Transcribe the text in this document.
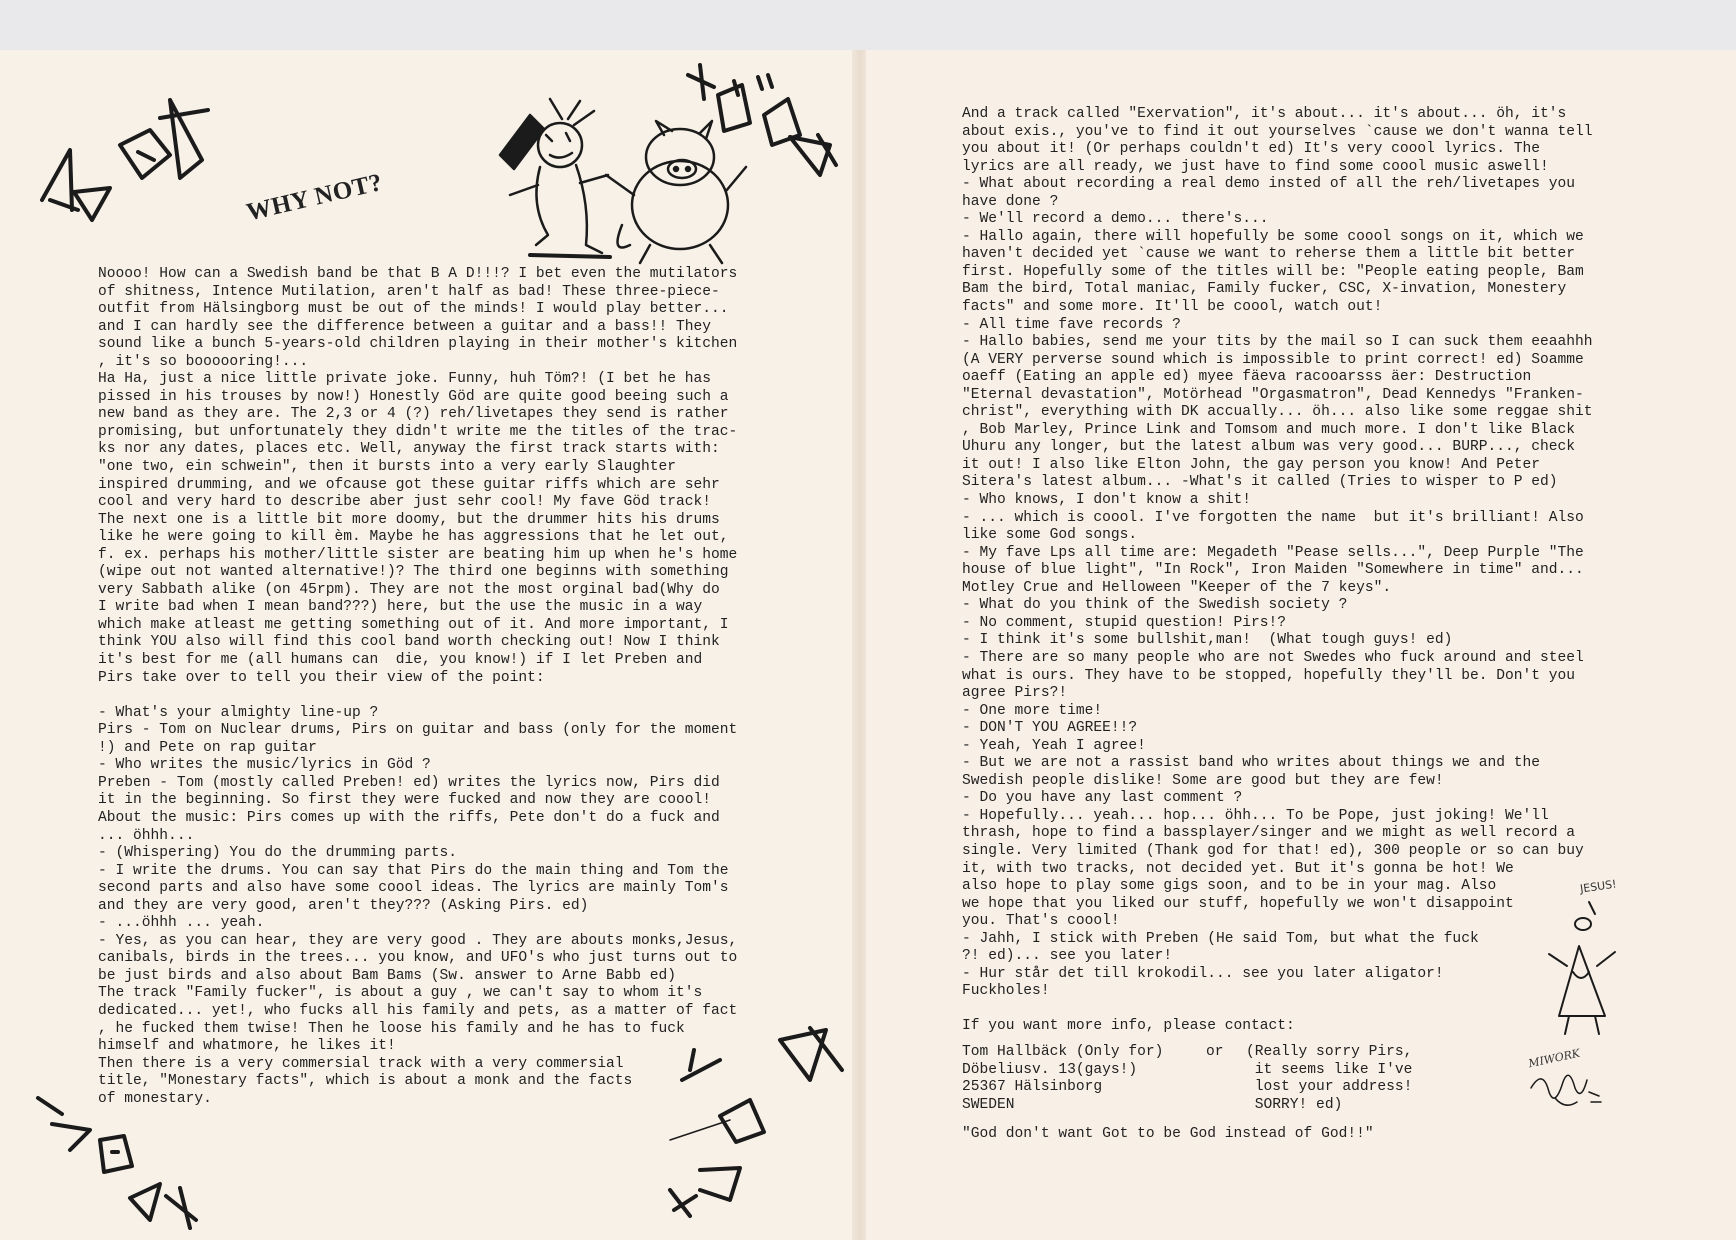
WHY NOT?
Noooo! How can a Swedish band be that B A D!!!? I bet even the mutilators
of shitness, Intence Mutilation, aren't half as bad! These three-piece-
outfit from Hälsingborg must be out of the minds! I would play better...
and I can hardly see the difference between a guitar and a bass!! They
sound like a bunch 5-years-old children playing in their mother's kitchen
, it's so boooooring!...
Ha Ha, just a nice little private joke. Funny, huh Töm?! (I bet he has
pissed in his trouses by now!) Honestly Göd are quite good beeing such a
new band as they are. The 2,3 or 4 (?) reh/livetapes they send is rather
promising, but unfortunately they didn't write me the titles of the trac-
ks nor any dates, places etc. Well, anyway the first track starts with:
"one two, ein schwein", then it bursts into a very early Slaughter
inspired drumming, and we ofcause got these guitar riffs which are sehr
cool and very hard to describe aber just sehr cool! My fave Göd track!
The next one is a little bit more doomy, but the drummer hits his drums
like he were going to kill èm. Maybe he has aggressions that he let out,
f. ex. perhaps his mother/little sister are beating him up when he's home
(wipe out not wanted alternative!)? The third one beginns with something
very Sabbath alike (on 45rpm). They are not the most orginal bad(Why do
I write bad when I mean band???) here, but the use the music in a way
which make atleast me getting something out of it. And more important, I
think YOU also will find this cool band worth checking out! Now I think
it's best for me (all humans can  die, you know!) if I let Preben and
Pirs take over to tell you their view of the point:

- What's your almighty line-up ?
Pirs - Tom on Nuclear drums, Pirs on guitar and bass (only for the moment
!) and Pete on rap guitar
- Who writes the music/lyrics in Göd ?
Preben - Tom (mostly called Preben! ed) writes the lyrics now, Pirs did
it in the beginning. So first they were fucked and now they are coool!
About the music: Pirs comes up with the riffs, Pete don't do a fuck and
... öhhh...
- (Whispering) You do the drumming parts.
- I write the drums. You can say that Pirs do the main thing and Tom the
second parts and also have some coool ideas. The lyrics are mainly Tom's
and they are very good, aren't they??? (Asking Pirs. ed)
- ...öhhh ... yeah.
- Yes, as you can hear, they are very good . They are abouts monks,Jesus,
canibals, birds in the trees... you know, and UFO's who just turns out to
be just birds and also about Bam Bams (Sw. answer to Arne Babb ed)
The track "Family fucker", is about a guy , we can't say to whom it's
dedicated... yet!, who fucks all his family and pets, as a matter of fact
, he fucked them twise! Then he loose his family and he has to fuck
himself and whatmore, he likes it!
Then there is a very commersial track with a very commersial
title, "Monestary facts", which is about a monk and the facts
of monestary.
And a track called "Exervation", it's about... it's about... öh, it's
about exis., you've to find it out yourselves `cause we don't wanna tell
you about it! (Or perhaps couldn't ed) It's very coool lyrics. The
lyrics are all ready, we just have to find some coool music aswell!
- What about recording a real demo insted of all the reh/livetapes you
have done ?
- We'll record a demo... there's...
- Hallo again, there will hopefully be some coool songs on it, which we
haven't decided yet `cause we want to reherse them a little bit better
first. Hopefully some of the titles will be: "People eating people, Bam
Bam the bird, Total maniac, Family fucker, CSC, X-invation, Monestery
facts" and some more. It'll be coool, watch out!
- All time fave records ?
- Hallo babies, send me your tits by the mail so I can suck them eeaahhh
(A VERY perverse sound which is impossible to print correct! ed) Soamme
oaeff (Eating an apple ed) myee fäeva racooarsss äer: Destruction
"Eternal devastation", Motörhead "Orgasmatron", Dead Kennedys "Franken-
christ", everything with DK accually... öh... also like some reggae shit
, Bob Marley, Prince Link and Tomsom and much more. I don't like Black
Uhuru any longer, but the latest album was very good... BURP..., check
it out! I also like Elton John, the gay person you know! And Peter
Sitera's latest album... -What's it called (Tries to wisper to P ed)
- Who knows, I don't know a shit!
- ... which is coool. I've forgotten the name  but it's brilliant! Also
like some God songs.
- My fave Lps all time are: Megadeth "Pease sells...", Deep Purple "The
house of blue light", "In Rock", Iron Maiden "Somewhere in time" and...
Motley Crue and Helloween "Keeper of the 7 keys".
- What do you think of the Swedish society ?
- No comment, stupid question! Pirs!?
- I think it's some bullshit,man!  (What tough guys! ed)
- There are so many people who are not Swedes who fuck around and steel
what is ours. They have to be stopped, hopefully they'll be. Don't you
agree Pirs?!
- One more time!
- DON'T YOU AGREE!!?
- Yeah, Yeah I agree!
- But we are not a rassist band who writes about things we and the
Swedish people dislike! Some are good but they are few!
- Do you have any last comment ?
- Hopefully... yeah... hop... öhh... To be Pope, just joking! We'll
thrash, hope to find a bassplayer/singer and we might as well record a
single. Very limited (Thank god for that! ed), 300 people or so can buy
it, with two tracks, not decided yet. But it's gonna be hot! We
also hope to play some gigs soon, and to be in your mag. Also
we hope that you liked our stuff, hopefully we won't disappoint
you. That's coool!
- Jahh, I stick with Preben (He said Tom, but what the fuck
?! ed)... see you later!
- Hur står det till krokodil... see you later aligator!
Fuckholes!
If you want more info, please contact:
Tom Hallbäck (Only for)
Döbeliusv. 13(gays!)
25367 Hälsinborg
SWEDEN
or (Really sorry Pirs,
it seems like I've
lost your address!
SORRY! ed)
"God don't want Got to be God instead of God!!"
JESUS!
MIWORK
